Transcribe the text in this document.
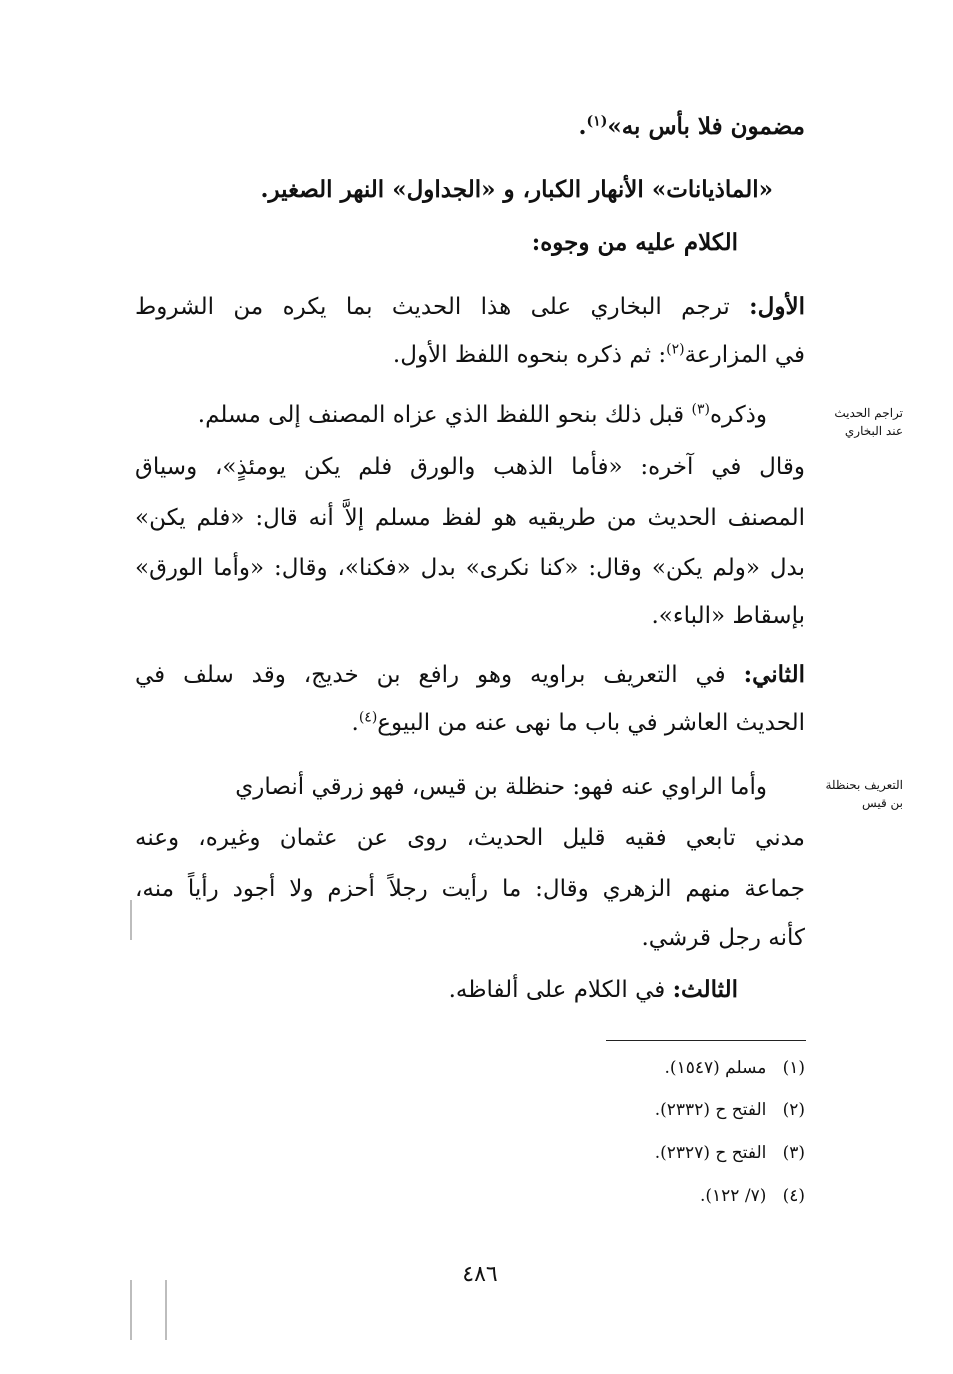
مضمون فلا بأس به»$^{(١)}$.
«الماذيانات» الأنهار الكبار، و «الجداول» النهر الصغير.
الكلام عليه من وجوه:
الأول: ترجم البخاري على هذا الحديث بما يكره من الشروط
في المزارعة$^{(٢)}$: ثم ذكره بنحوه اللفظ الأول.
تراجم الحديث عند البخاري
وذكره$^{(٣)}$ قبل ذلك بنحو اللفظ الذي عزاه المصنف إلى مسلم.
وقال في آخره: «فأما الذهب والورق فلم يكن يومئذٍ»، وسياق
المصنف الحديث من طريقيه هو لفظ مسلم إلاَّ أنه قال: «فلم يكن»
بدل «ولم يكن» وقال: «كنا نكرى» بدل «فكنا»، وقال: «وأما الورق»
بإسقاط «الباء».
الثاني: في التعريف براويه وهو رافع بن خديج، وقد سلف في
الحديث العاشر في باب ما نهى عنه من البيوع$^{(٤)}$.
التعريف بحنظلة بن قيس
وأما الراوي عنه فهو: حنظلة بن قيس، فهو زرقي أنصاري
مدني تابعي فقيه قليل الحديث، روى عن عثمان وغيره، وعنه
جماعة منهم الزهري وقال: ما رأيت رجلاً أحزم ولا أجود رأياً منه،
كأنه رجل قرشي.
الثالث: في الكلام على ألفاظه.
(١)   مسلم (١٥٤٧).
(٢)   الفتح ح (٢٣٣٢).
(٣)   الفتح ح (٢٣٢٧).
(٤)   (٧/ ١٢٢).
٤٨٦
